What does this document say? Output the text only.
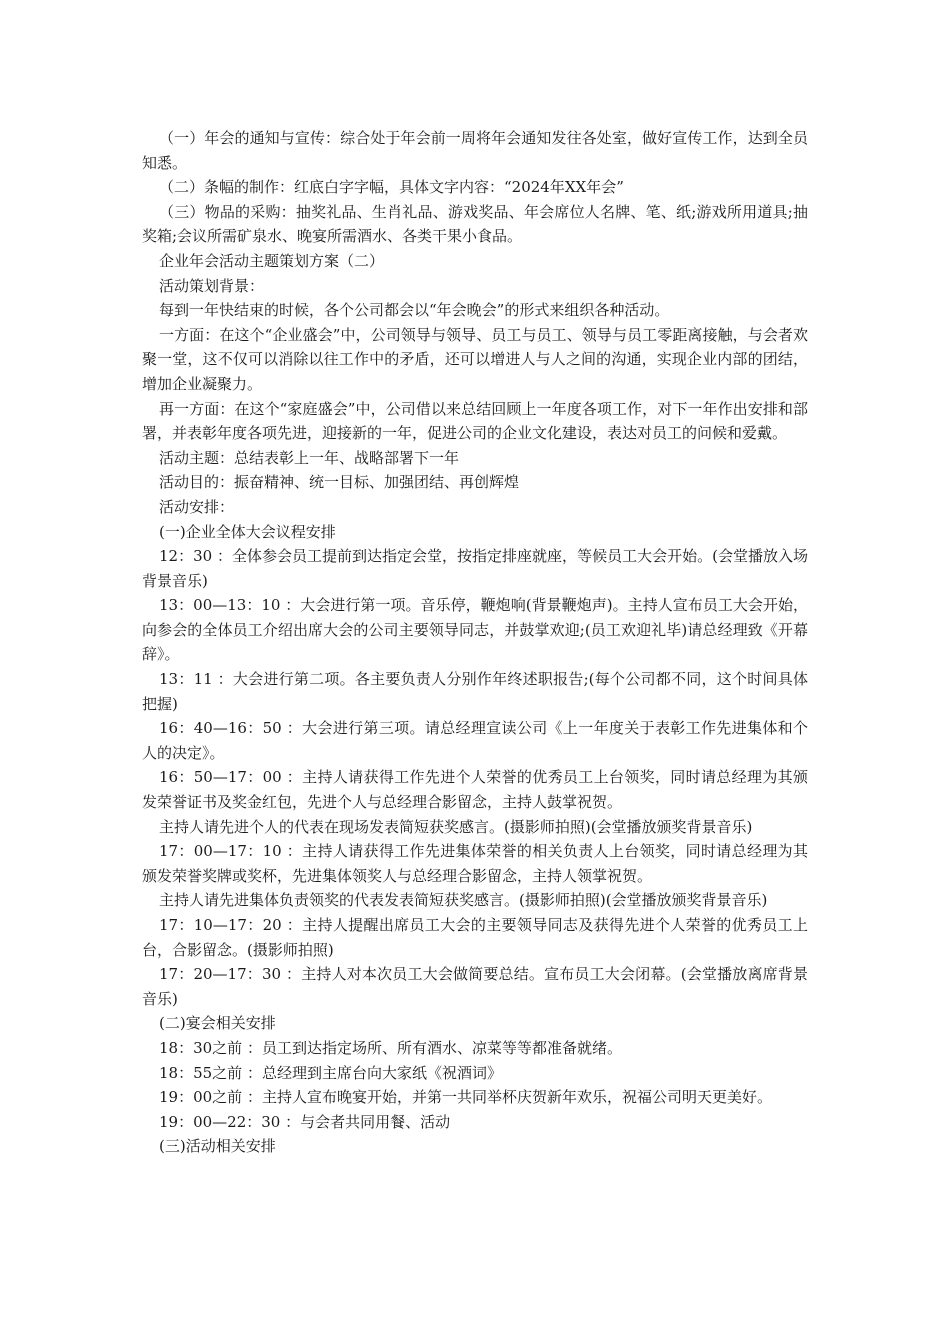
（一）年会的通知与宣传：综合处于年会前一周将年会通知发往各处室，做好宣传工作，达到全员知悉。

（二）条幅的制作：红底白字字幅，具体文字内容：“2024年XX年会”

（三）物品的采购：抽奖礼品、生肖礼品、游戏奖品、年会席位人名牌、笔、纸;游戏所用道具;抽奖箱;会议所需矿泉水、晚宴所需酒水、各类干果小食品。

企业年会活动主题策划方案（二）

活动策划背景：

每到一年快结束的时候，各个公司都会以“年会晚会”的形式来组织各种活动。

一方面：在这个“企业盛会”中，公司领导与领导、员工与员工、领导与员工零距离接触，与会者欢聚一堂，这不仅可以消除以往工作中的矛盾，还可以增进人与人之间的沟通，实现企业内部的团结，增加企业凝聚力。

再一方面：在这个“家庭盛会”中，公司借以来总结回顾上一年度各项工作，对下一年作出安排和部署，并表彰年度各项先进，迎接新的一年，促进公司的企业文化建设，表达对员工的问候和爱戴。

活动主题：总结表彰上一年、战略部署下一年

活动目的：振奋精神、统一目标、加强团结、再创辉煌

活动安排：

(一)企业全体大会议程安排

12：30 ：全体参会员工提前到达指定会堂，按指定排座就座，等候员工大会开始。(会堂播放入场背景音乐)

13：00—13：10 ：大会进行第一项。音乐停，鞭炮响(背景鞭炮声)。主持人宣布员工大会开始，向参会的全体员工介绍出席大会的公司主要领导同志，并鼓掌欢迎;(员工欢迎礼毕)请总经理致《开幕辞》。

13：11 ：大会进行第二项。各主要负责人分别作年终述职报告;(每个公司都不同，这个时间具体把握)

16：40—16：50 ：大会进行第三项。请总经理宣读公司《上一年度关于表彰工作先进集体和个人的决定》。

16：50—17：00 ：主持人请获得工作先进个人荣誉的优秀员工上台领奖，同时请总经理为其颁发荣誉证书及奖金红包，先进个人与总经理合影留念，主持人鼓掌祝贺。

主持人请先进个人的代表在现场发表简短获奖感言。(摄影师拍照)(会堂播放颁奖背景音乐)

17：00—17：10 ：主持人请获得工作先进集体荣誉的相关负责人上台领奖，同时请总经理为其颁发荣誉奖牌或奖杯，先进集体领奖人与总经理合影留念，主持人领掌祝贺。

主持人请先进集体负责领奖的代表发表简短获奖感言。(摄影师拍照)(会堂播放颁奖背景音乐)

17：10—17：20 ：主持人提醒出席员工大会的主要领导同志及获得先进个人荣誉的优秀员工上台，合影留念。(摄影师拍照)

17：20—17：30 ：主持人对本次员工大会做简要总结。宣布员工大会闭幕。(会堂播放离席背景音乐)

(二)宴会相关安排

18：30之前 ：员工到达指定场所、所有酒水、凉菜等等都准备就绪。

18：55之前 ：总经理到主席台向大家纸《祝酒词》

19：00之前 ：主持人宣布晚宴开始，并第一共同举杯庆贺新年欢乐，祝福公司明天更美好。

19：00—22：30 ：与会者共同用餐、活动

(三)活动相关安排
